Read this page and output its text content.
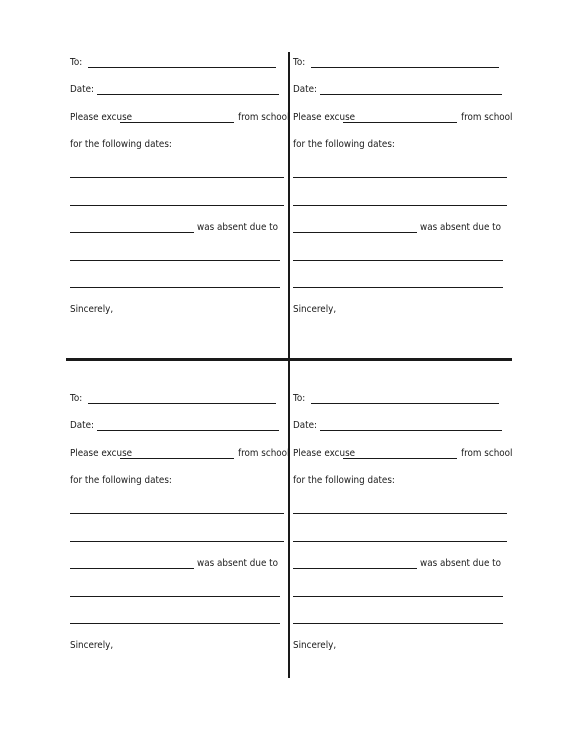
To:
Date:
Please excuse	from school
for the following dates:
was absent due to
Sincerely,
To:
Date:
Please excuse	from school
for the following dates:
was absent due to
Sincerely,
To:
Date:
Please excuse	from school
for the following dates:
was absent due to
Sincerely,
To:
Date:
Please excuse	from school
for the following dates:
was absent due to
Sincerely,
